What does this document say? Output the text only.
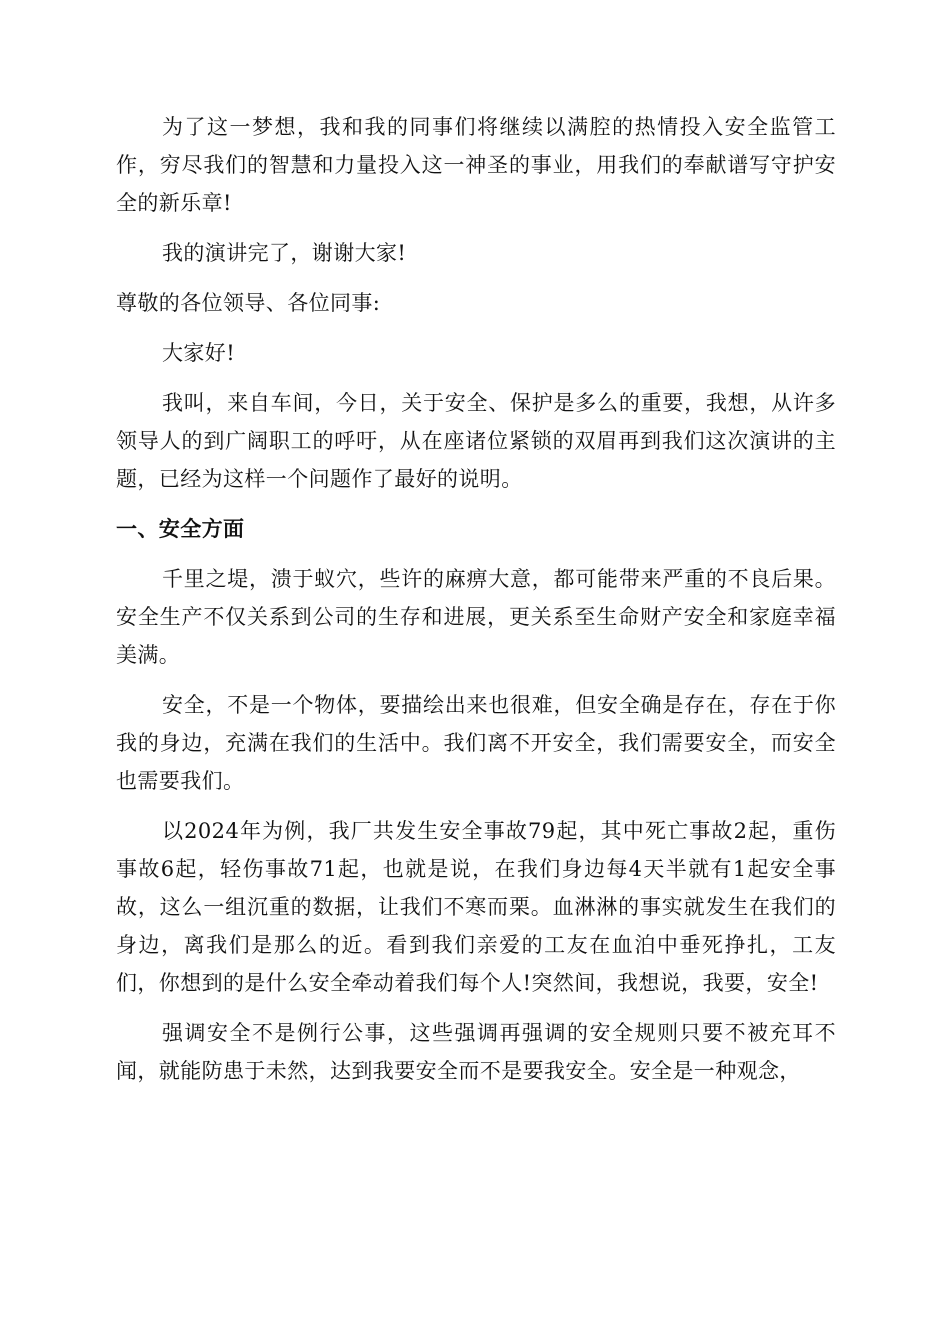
为了这一梦想，我和我的同事们将继续以满腔的热情投入安全监管工作，穷尽我们的智慧和力量投入这一神圣的事业，用我们的奉献谱写守护安全的新乐章!

我的演讲完了，谢谢大家!

尊敬的各位领导、各位同事:

大家好!

我叫，来自车间，今日，关于安全、保护是多么的重要，我想，从许多领导人的到广阔职工的呼吁，从在座诸位紧锁的双眉再到我们这次演讲的主题，已经为这样一个问题作了最好的说明。

一、安全方面

千里之堤，溃于蚁穴，些许的麻痹大意，都可能带来严重的不良后果。安全生产不仅关系到公司的生存和进展，更关系至生命财产安全和家庭幸福美满。

安全，不是一个物体，要描绘出来也很难，但安全确是存在，存在于你我的身边，充满在我们的生活中。我们离不开安全，我们需要安全，而安全也需要我们。

以2024年为例，我厂共发生安全事故79起，其中死亡事故2起，重伤事故6起，轻伤事故71起，也就是说，在我们身边每4天半就有1起安全事故，这么一组沉重的数据，让我们不寒而栗。血淋淋的事实就发生在我们的身边，离我们是那么的近。看到我们亲爱的工友在血泊中垂死挣扎，工友们，你想到的是什么安全牵动着我们每个人!突然间，我想说，我要，安全!

强调安全不是例行公事，这些强调再强调的安全规则只要不被充耳不闻，就能防患于未然，达到我要安全而不是要我安全。安全是一种观念，
